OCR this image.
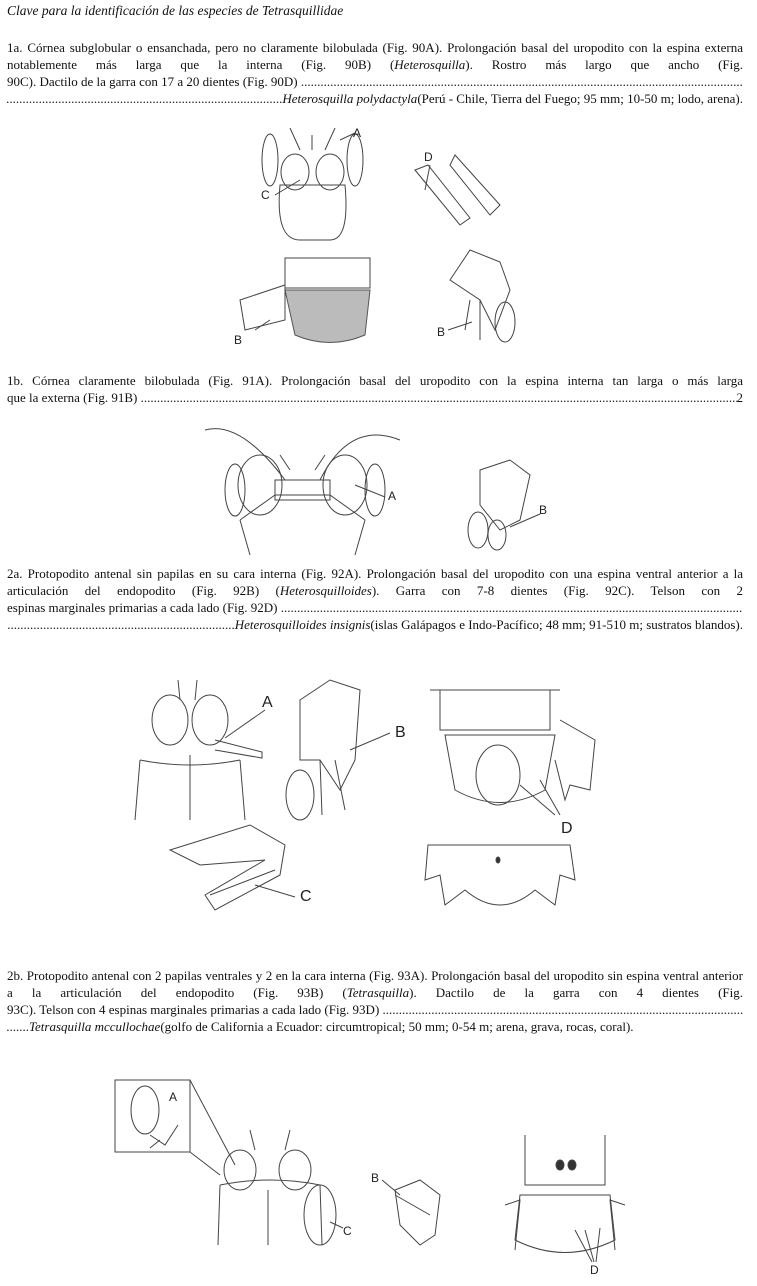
Clave para la identificación de las especies de Tetrasquillidae
1a. Córnea subglobular o ensanchada, pero no claramente bilobulada (Fig. 90A). Prolongación basal del uropodito con la espina externa notablemente más larga que la interna (Fig. 90B) (Heterosquilla). Rostro más largo que ancho (Fig.
90C). Dactilo de la garra con 17 a 20 dientes (Fig. 90D)

.....
.....
Heterosquilla polydactyla (Perú - Chile, Tierra del Fuego; 95 mm; 10-50 m; lodo, arena).
1b. Córnea claramente bilobulada (Fig. 91A). Prolongación basal del uropodito con la espina interna tan larga o más larga
que la externa (Fig. 91B)
.....	2
2a. Protopodito antenal sin papilas en su cara interna (Fig. 92A). Prolongación basal del uropodito con una espina ventral anterior a la articulación del endopodito (Fig. 92B) (Heterosquilloides). Garra con 7-8 dientes (Fig. 92C). Telson con 2
espinas marginales primarias a cada lado (Fig. 92D)

.....
.....
Heterosquilloides insignis (islas Galápagos e Indo-Pacífico; 48 mm; 91-510 m; sustratos blandos).
2b. Protopodito antenal con 2 papilas ventrales y 2 en la cara interna (Fig. 93A). Prolongación basal del uropodito sin espina ventral anterior a la articulación del endopodito (Fig. 93B) (Tetrasquilla). Dactilo de la garra con 4 dientes (Fig.
93C). Telson con 4 espinas marginales primarias a cada lado (Fig. 93D)

.....
.....
Tetrasquilla mccullochae (golfo de California a Ecuador: circumtropical; 50 mm; 0-54 m; arena, grava, rocas, coral).
A
C
D
B
B
A
B
A
B
D
C
A
B
C
D
